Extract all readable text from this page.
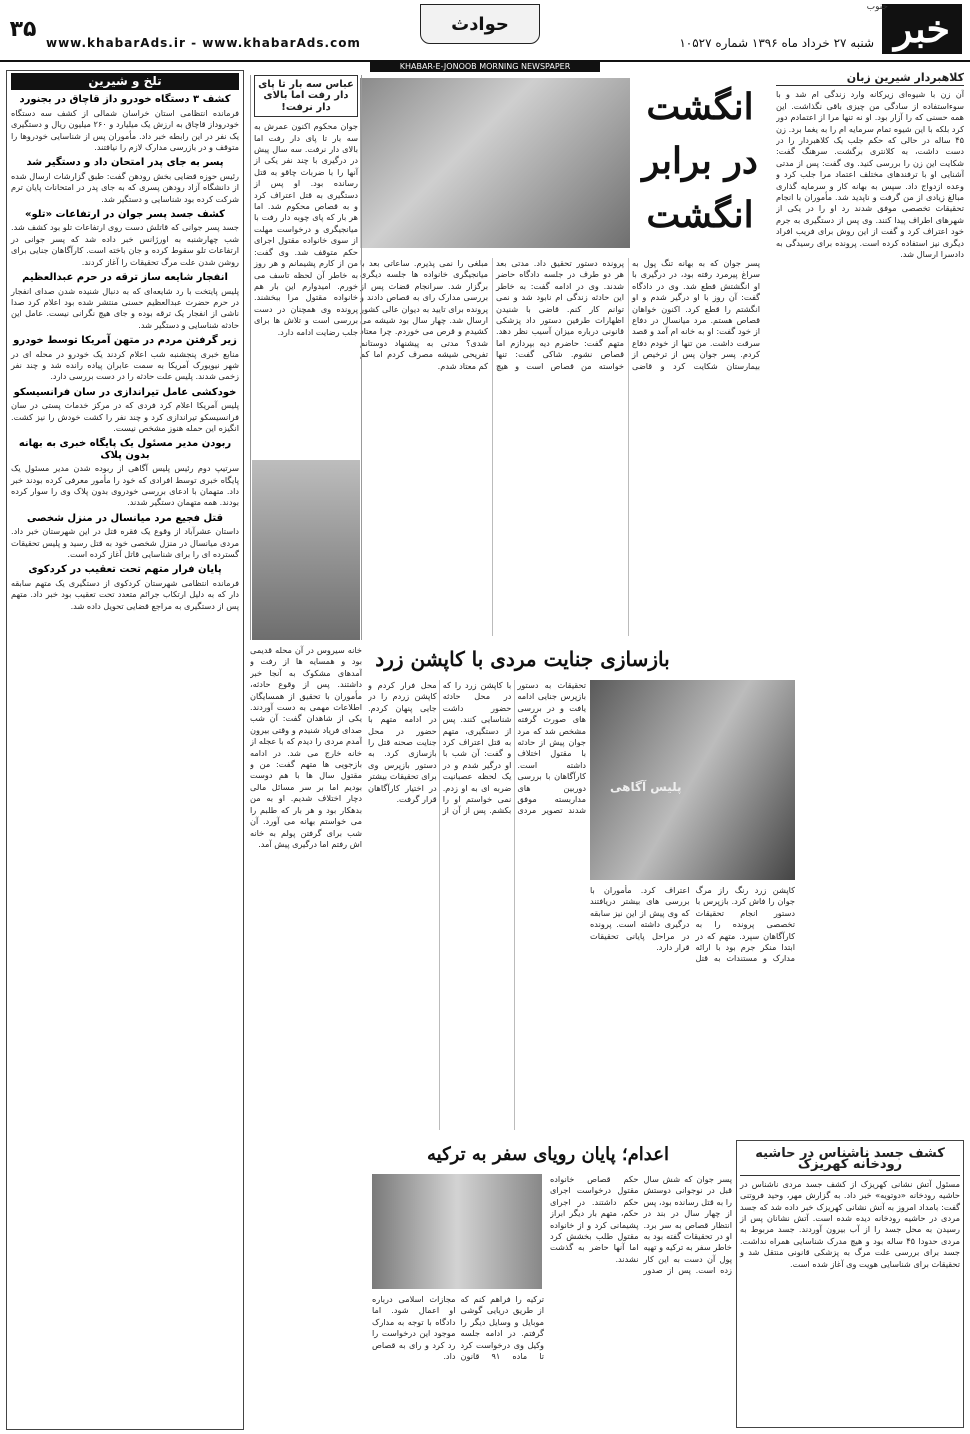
خبر
جنوب
شنبه ۲۷ خرداد ماه ۱۳۹۶ شماره ۱۰۵۲۷
حوادث
www.khabarAds.ir - www.khabarAds.com
۳۵
KHABAR-E-JONOOB MORNING NEWSPAPER
کلاهبردار شیرین زبان

آن زن با شیوه‌ای زیرکانه وارد زندگی ام شد و با سوءاستفاده از سادگی من چیزی باقی نگذاشت. این همه حسنی که را آزار بود. او نه تنها مرا از اعتمادم دور کرد بلکه با این شیوه تمام سرمایه ام را به یغما برد. زن ۴۵ ساله در حالی که حکم جلب یک کلاهبردار را در دست داشت، به کلانتری برگشت. سرهنگ گفت: شکایت این زن را بررسی کنید. وی گفت: پس از مدتی آشنایی او با ترفندهای مختلف اعتماد مرا جلب کرد و وعده ازدواج داد. سپس به بهانه کار و سرمایه گذاری مبالغ زیادی از من گرفت و ناپدید شد. مأموران با انجام تحقیقات تخصصی موفق شدند رد او را در یکی از شهرهای اطراف پیدا کنند. وی پس از دستگیری به جرم خود اعتراف کرد و گفت از این روش برای فریب افراد دیگری نیز استفاده کرده است. پرونده برای رسیدگی به دادسرا ارسال شد.

انگشت
در برابر
انگشت

پسر جوان که به بهانه تنگ پول به سراغ پیرمرد رفته بود، در درگیری با او انگشتش قطع شد. وی در دادگاه گفت: آن روز با او درگیر شدم و او انگشتم را قطع کرد. اکنون خواهان قصاص هستم. مرد میانسال در دفاع از خود گفت: او به خانه ام آمد و قصد سرقت داشت. من تنها از خودم دفاع کردم. پسر جوان پس از ترخیص از بیمارستان شکایت کرد و قاضی پرونده دستور تحقیق داد. مدتی بعد هر دو طرف در جلسه دادگاه حاضر شدند. وی در ادامه گفت: به خاطر این حادثه زندگی ام نابود شد و نمی توانم کار کنم. قاضی با شنیدن اظهارات طرفین دستور داد پزشکی قانونی درباره میزان آسیب نظر دهد. متهم گفت: حاضرم دیه بپردازم اما قصاص نشوم. شاکی گفت: تنها خواسته من قصاص است و هیچ مبلغی را نمی پذیرم. ساعاتی بعد با میانجیگری خانواده ها جلسه دیگری برگزار شد. سرانجام قضات پس از بررسی مدارک رای به قصاص دادند و پرونده برای تایید به دیوان عالی کشور ارسال شد. چهار سال بود شیشه می کشیدم و قرص می خوردم. چرا معتاد شدی؟ مدتی به پیشنهاد دوستانم تفریحی شیشه مصرف کردم اما کم کم معتاد شدم.

عباس سه بار تا پای دار رفت اما بالای دار نرفت!

جوان محکوم اکنون عمرش به سه بار تا پای دار رفت اما بالای دار نرفت. سه سال پیش در درگیری با چند نفر یکی از آنها را با ضربات چاقو به قتل رسانده بود. او پس از دستگیری به قتل اعتراف کرد و به قصاص محکوم شد. اما هر بار که پای چوبه دار رفت با میانجیگری و درخواست مهلت از سوی خانواده مقتول اجرای حکم متوقف شد. وی گفت: من از کارم پشیمانم و هر روز به خاطر آن لحظه تاسف می خورم. امیدوارم این بار هم خانواده مقتول مرا ببخشند. پرونده وی همچنان در دست بررسی است و تلاش ها برای جلب رضایت ادامه دارد.

تلخ و شیرین
کشف ۳ دستگاه خودرو داز قاچاق در بجنورد

فرمانده انتظامی استان خراسان شمالی از کشف سه دستگاه خودروداز قاچاق به ارزش یک میلیارد و ۲۶۰ میلیون ریال و دستگیری یک نفر در این رابطه خبر داد. مأموران پس از شناسایی خودروها را متوقف و در بازرسی مدارک لازم را نیافتند.

پسر به جای پدر امتحان داد و دستگیر شد

رئیس حوزه قضایی بخش رودهن گفت: طبق گزارشات ارسال شده از دانشگاه آزاد رودهن پسری که به جای پدر در امتحانات پایان ترم شرکت کرده بود شناسایی و دستگیر شد.

کشف جسد پسر جوان در ارتفاعات «تلو»

جسد پسر جوانی که قاتلش دست روی ارتفاعات تلو بود کشف شد. شب چهارشنبه به اورژانس خبر داده شد که پسر جوانی در ارتفاعات تلو سقوط کرده و جان باخته است. کارآگاهان جنایی برای روشن شدن علت مرگ تحقیقات را آغاز کردند.

انفجار شایعه ساز ترقه در حرم عبدالعظیم

پلیس پایتخت با رد شایعه‌ای که به دنبال شنیده شدن صدای انفجار در حرم حضرت عبدالعظیم حسنی منتشر شده بود اعلام کرد صدا ناشی از انفجار یک ترقه بوده و جای هیچ نگرانی نیست. عامل این حادثه شناسایی و دستگیر شد.

زیر گرفتن مردم در متهن آمریکا توسط خودرو

منابع خبری پنجشنبه شب اعلام کردند یک خودرو در محله ای در شهر نیویورک آمریکا به سمت عابران پیاده رانده شد و چند نفر زخمی شدند. پلیس علت حادثه را در دست بررسی دارد.

خودکشی عامل تیراندازی در سان فرانسیسکو

پلیس آمریکا اعلام کرد فردی که در مرکز خدمات پستی در سان فرانسیسکو تیراندازی کرد و چند نفر را کشت خودش را نیز کشت. انگیزه این حمله هنوز مشخص نیست.

ربودن مدیر مسئول یک پایگاه خبری به بهانه بدون پلاک

سرتیپ دوم رئیس پلیس آگاهی از ربوده شدن مدیر مسئول یک پایگاه خبری توسط افرادی که خود را مأمور معرفی کرده بودند خبر داد. متهمان با ادعای بررسی خودروی بدون پلاک وی را سوار کرده بودند. همه متهمان دستگیر شدند.

قتل فجیع مرد میانسال در منزل شخصی

داستان عشرآباد از وقوع یک فقره قتل در این شهرستان خبر داد. مردی میانسال در منزل شخصی خود به قتل رسید و پلیس تحقیقات گسترده ای را برای شناسایی قاتل آغاز کرده است.

پایان فرار متهم تحت تعقیب در کردکوی

فرمانده انتظامی شهرستان کردکوی از دستگیری یک متهم سابقه دار که به دلیل ارتکاب جرائم متعدد تحت تعقیب بود خبر داد. متهم پس از دستگیری به مراجع قضایی تحویل داده شد.

بازسازی جنایت مردی با کاپشن زرد
پلیس آگاهی

تحقیقات به دستور بازپرس جنایی ادامه یافت و در بررسی های صورت گرفته مشخص شد که مرد جوان پیش از حادثه با مقتول اختلاف داشته است. کارآگاهان با بررسی دوربین های مداربسته موفق شدند تصویر مردی با کاپشن زرد را که در محل حادثه حضور داشت شناسایی کنند. پس از دستگیری، متهم به قتل اعتراف کرد و گفت: آن شب با او درگیر شدم و در یک لحظه عصبانیت ضربه ای به او زدم. نمی خواستم او را بکشم. پس از آن از محل فرار کردم و کاپشن زردم را در جایی پنهان کردم. در ادامه متهم با حضور در محل جنایت صحنه قتل را بازسازی کرد. به دستور بازپرس وی برای تحقیقات بیشتر در اختیار کارآگاهان قرار گرفت.

کاپشن زرد رنگ راز مرگ جوان را فاش کرد. بازپرس با دستور انجام تحقیقات تخصصی پرونده را به کارآگاهان سپرد. متهم که در ابتدا منکر جرم بود با ارائه مدارک و مستندات به قتل اعتراف کرد. مأموران با بررسی های بیشتر دریافتند که وی پیش از این نیز سابقه درگیری داشته است. پرونده در مراحل پایانی تحقیقات قرار دارد.

خانه سیروس در آن محله قدیمی بود و همسایه ها از رفت و آمدهای مشکوک به آنجا خبر داشتند. پس از وقوع حادثه، مأموران با تحقیق از همسایگان اطلاعات مهمی به دست آوردند. یکی از شاهدان گفت: آن شب صدای فریاد شنیدم و وقتی بیرون آمدم مردی را دیدم که با عجله از خانه خارج می شد. در ادامه بازجویی ها متهم گفت: من و مقتول سال ها با هم دوست بودیم اما بر سر مسائل مالی دچار اختلاف شدیم. او به من بدهکار بود و هر بار که طلبم را می خواستم بهانه می آورد. آن شب برای گرفتن پولم به خانه اش رفتم اما درگیری پیش آمد.

کشف جسد ناشناس در حاشیه رودخانه کهریزک

مسئول آتش نشانی کهریزک از کشف جسد مردی ناشناس در حاشیه رودخانه «دوتویه» خبر داد. به گزارش مهر، وحید فروتنی گفت: بامداد امروز به آتش نشانی کهریزک خبر داده شد که جسد مردی در حاشیه رودخانه دیده شده است. آتش نشانان پس از رسیدن به محل جسد را از آب بیرون آوردند. جسد مربوط به مردی حدودا ۴۵ ساله بود و هیچ مدرک شناسایی همراه نداشت. جسد برای بررسی علت مرگ به پزشکی قانونی منتقل شد و تحقیقات برای شناسایی هویت وی آغاز شده است.

اعدام؛ پایان رویای سفر به ترکیه

پسر جوان که شش سال قبل در نوجوانی دوستش را به قتل رسانده بود، پس از چهار سال در بند در انتظار قصاص به سر برد. او در تحقیقات گفته بود به خاطر سفر به ترکیه و تهیه پول آن دست به این کار زده است. پس از صدور حکم قصاص خانواده مقتول درخواست اجرای حکم داشتند. در اجرای حکم، متهم بار دیگر ابراز پشیمانی کرد و از خانواده مقتول طلب بخشش کرد اما آنها حاضر به گذشت نشدند.

ترکیه را فراهم کنم که از طریق دریایی گوشی موبایل و وسایل دیگر را گرفتم. در ادامه جلسه وکیل وی درخواست کرد تا ماده ۹۱ قانون مجازات اسلامی درباره او اعمال شود. اما دادگاه با توجه به مدارک موجود این درخواست را رد کرد و رای به قصاص داد.
